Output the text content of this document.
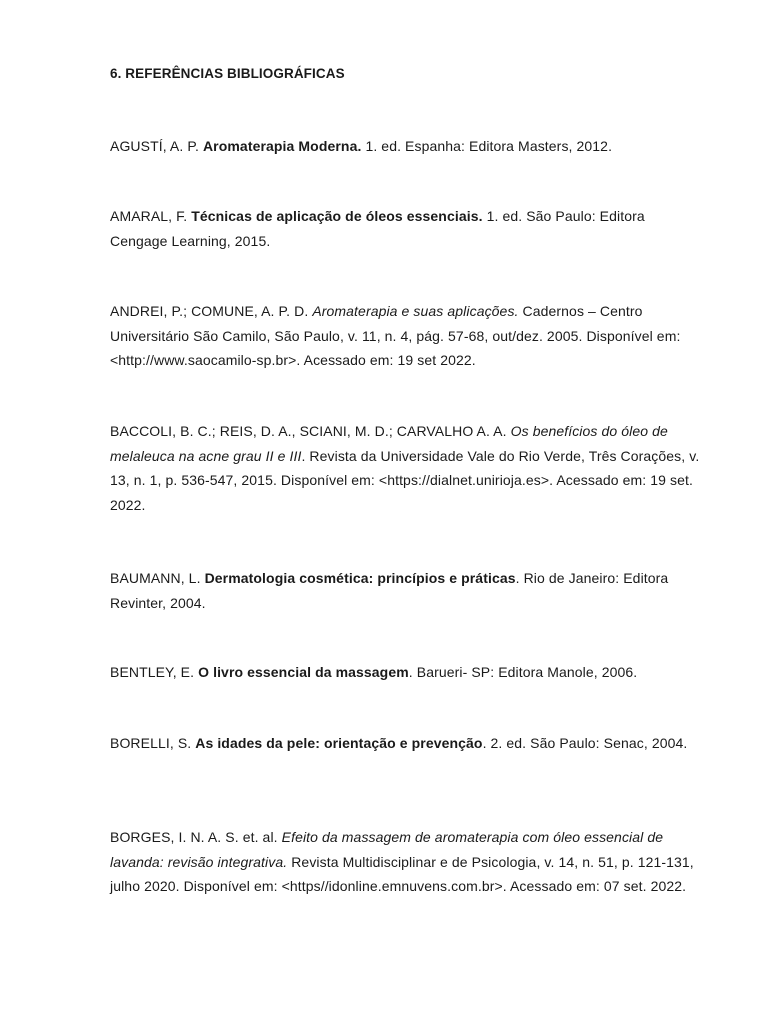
6. REFERÊNCIAS BIBLIOGRÁFICAS
AGUSTÍ, A. P. Aromaterapia Moderna. 1. ed. Espanha: Editora Masters, 2012.
AMARAL, F. Técnicas de aplicação de óleos essenciais. 1. ed. São Paulo: Editora Cengage Learning, 2015.
ANDREI, P.; COMUNE, A. P. D. Aromaterapia e suas aplicações. Cadernos – Centro Universitário São Camilo, São Paulo, v. 11, n. 4, pág. 57-68, out/dez. 2005. Disponível em: <http://www.saocamilo-sp.br>. Acessado em: 19 set 2022.
BACCOLI, B. C.; REIS, D. A., SCIANI, M. D.; CARVALHO A. A. Os benefícios do óleo de melaleuca na acne grau II e III. Revista da Universidade Vale do Rio Verde, Três Corações, v. 13, n. 1, p. 536-547, 2015. Disponível em: <https://dialnet.unirioja.es>. Acessado em: 19 set. 2022.
BAUMANN, L. Dermatologia cosmética: princípios e práticas. Rio de Janeiro: Editora Revinter, 2004.
BENTLEY, E. O livro essencial da massagem. Barueri- SP: Editora Manole, 2006.
BORELLI, S. As idades da pele: orientação e prevenção. 2. ed. São Paulo: Senac, 2004.
BORGES, I. N. A. S. et. al. Efeito da massagem de aromaterapia com óleo essencial de lavanda: revisão integrativa. Revista Multidisciplinar e de Psicologia, v. 14, n. 51, p. 121-131, julho 2020. Disponível em: <https//idonline.emnuvens.com.br>. Acessado em: 07 set. 2022.
